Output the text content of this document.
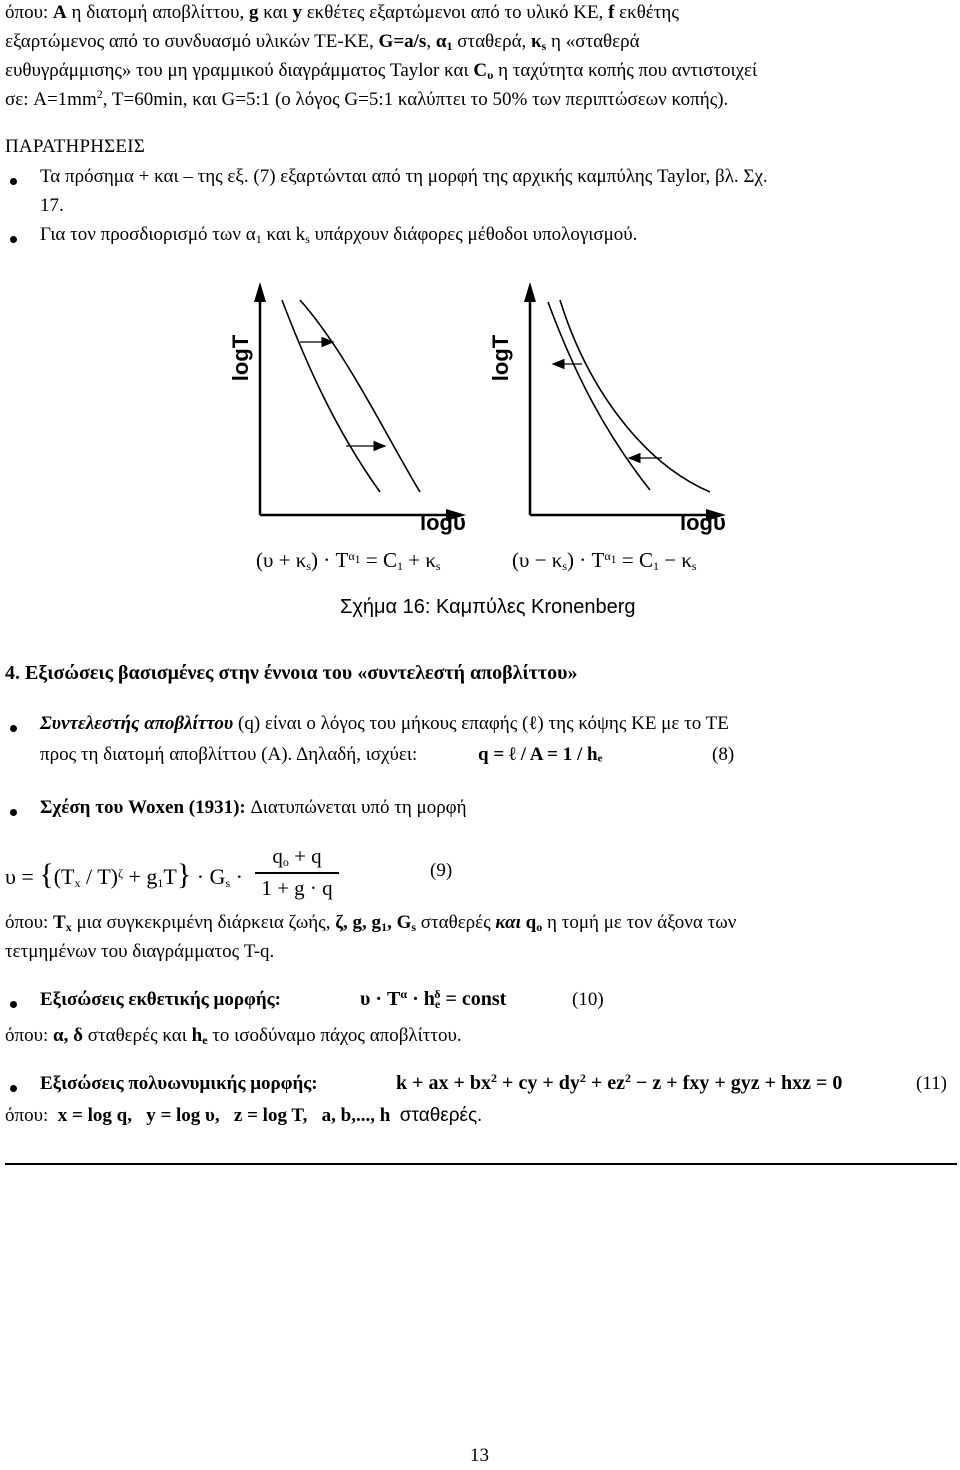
όπου: Α η διατομή αποβλίττου, g και y εκθέτες εξαρτώμενοι από το υλικό ΚΕ, f εκθέτης
εξαρτώμενος από το συνδυασμό υλικών ΤΕ-ΚΕ, G=a/s, $\alpha_1$ σταθερά, $\kappa_s$ η «σταθερά
ευθυγράμμισης» του μη γραμμικού διαγράμματος Taylor και $C_\upsilon$ η ταχύτητα κοπής που αντιστοιχεί
σε: $A=1mm^2$, T=60min, και G=5:1 (ο λόγος G=5:1 καλύπτει το 50% των περιπτώσεων κοπής).
ΠΑΡΑΤΗΡΗΣΕΙΣ
Τα πρόσημα + και – της εξ. (7) εξαρτώνται από τη μορφή της αρχικής καμπύλης Taylor, βλ. Σχ.
17.
Για τον προσδιορισμό των $\alpha_1$ και $k_s$ υπάρχουν διάφορες μέθοδοι υπολογισμού.
logT	logT
logυ	logυ
$(\upsilon + \kappa_s) \cdot T^{\alpha_1} = C_1 + \kappa_s$	$(\upsilon - \kappa_s) \cdot T^{\alpha_1} = C_1 - \kappa_s$
Σχήμα 16: Καμπύλες Kronenberg
4. Εξισώσεις βασισμένες στην έννοια του «συντελεστή αποβλίττου»
Συντελεστής αποβλίττου (q) είναι ο λόγος του μήκους επαφής (ℓ) της κόψης ΚΕ με το ΤΕ
προς τη διατομή αποβλίττου (Α). Δηλαδή, ισχύει:	q = ℓ / A = 1 / hₑ	(8)
Σχέση του Woxen (1931): Διατυπώνεται υπό τη μορφή
$\upsilon = \{(T_x / T)^\zeta + g_1T\} \cdot G_s$ ·
$q_o + q$
1 + g · q
(9)
όπου: $T_x$ μια συγκεκριμένη διάρκεια ζωής, ζ, g, $g_1$, $G_s$ σταθερές και $q_o$ η τομή με τον άξονα των
τετμημένων του διαγράμματος T-q.
Εξισώσεις εκθετικής μορφής:	$\upsilon \cdot T^\alpha \cdot h_e^\delta$ = const	(10)
όπου: α, δ σταθερές και $h_e$ το ισοδύναμο πάχος αποβλίττου.
Εξισώσεις πολυωνυμικής μορφής:	k + ax + $bx^2$ + cy + $dy^2 + ez^2 - z$ + fxy + gyz + hxz = 0	(11)
όπου:  x = log q,   y = log υ,   z = log T,   a, b,..., h σταθερές.
13
